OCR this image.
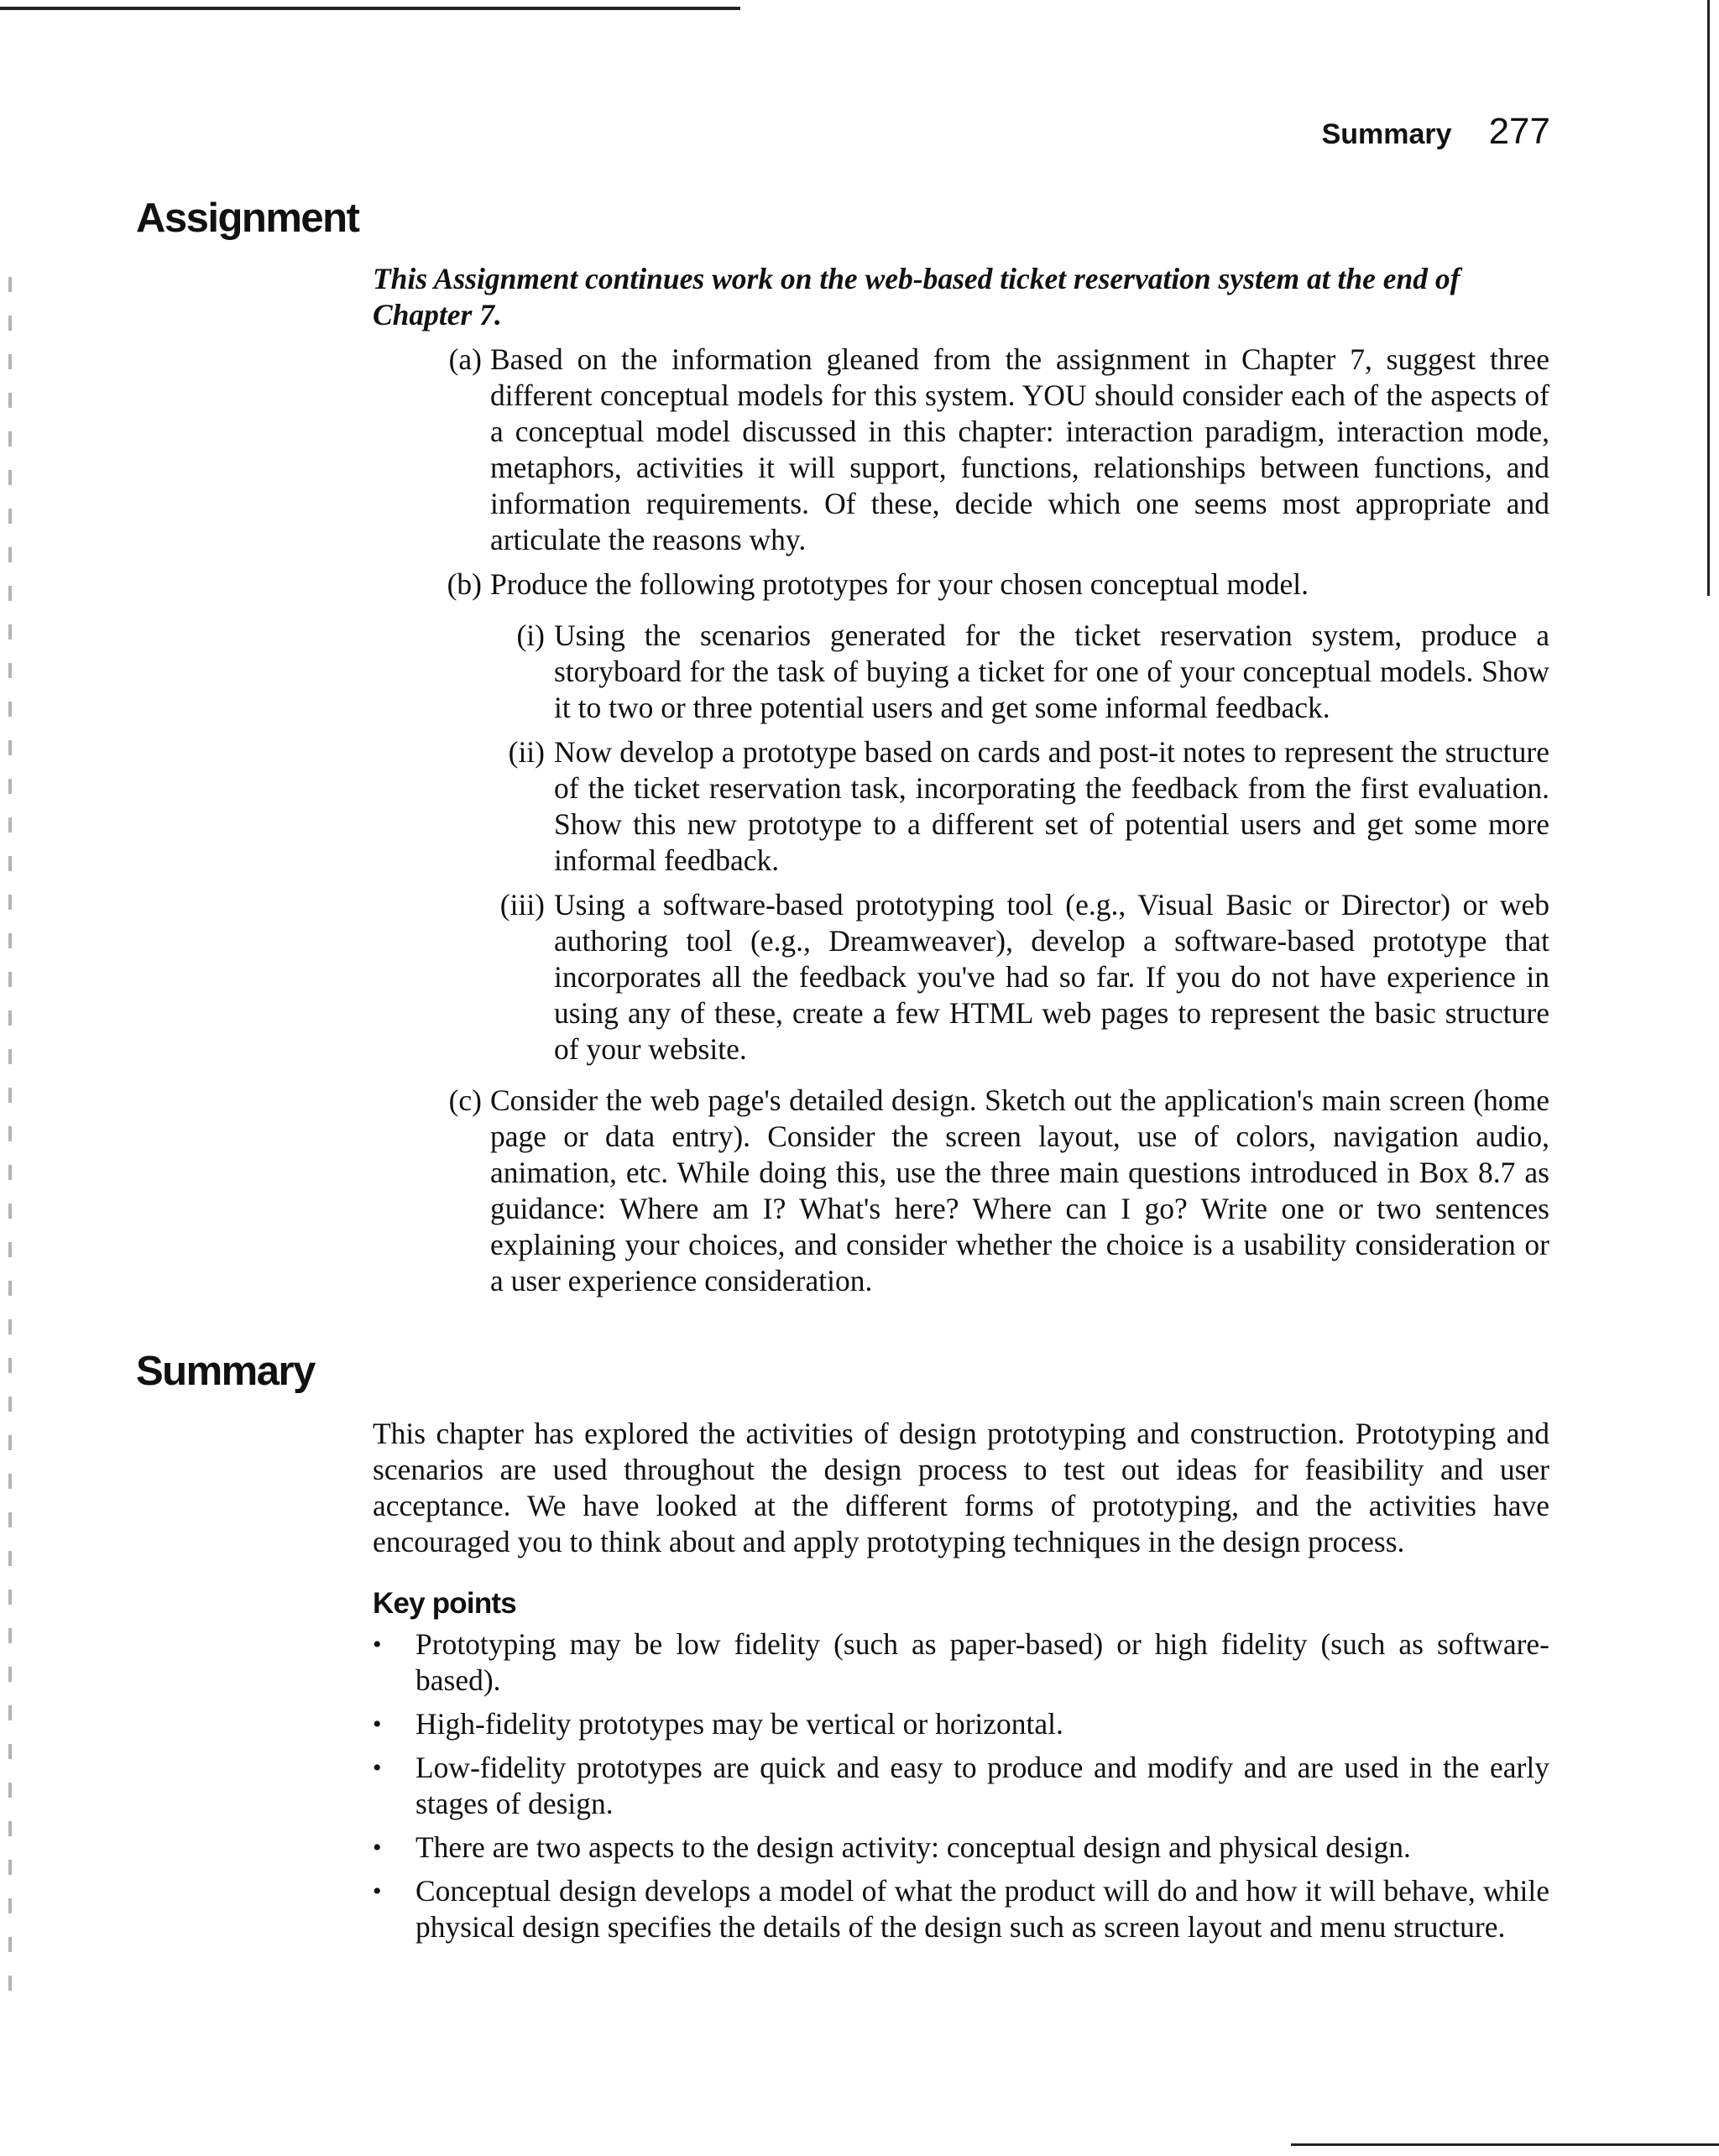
Summary 277
Assignment

This Assignment continues work on the web-based ticket reservation system at the end of Chapter 7.

(a) Based on the information gleaned from the assignment in Chapter 7, suggest three different conceptual models for this system. YOU should consider each of the aspects of a conceptual model discussed in this chapter: interaction paradigm, interaction mode, metaphors, activities it will support, functions, relationships between functions, and information requirements. Of these, decide which one seems most appropriate and articulate the reasons why.
(b) Produce the following prototypes for your chosen conceptual model.
(i) Using the scenarios generated for the ticket reservation system, produce a storyboard for the task of buying a ticket for one of your conceptual models. Show it to two or three potential users and get some informal feedback.
(ii) Now develop a prototype based on cards and post-it notes to represent the structure of the ticket reservation task, incorporating the feedback from the first evaluation. Show this new prototype to a different set of potential users and get some more informal feedback.
(iii) Using a software-based prototyping tool (e.g., Visual Basic or Director) or web authoring tool (e.g., Dreamweaver), develop a software-based prototype that incorporates all the feedback you've had so far. If you do not have experience in using any of these, create a few HTML web pages to represent the basic structure of your website.
(c) Consider the web page's detailed design. Sketch out the application's main screen (home page or data entry). Consider the screen layout, use of colors, navigation audio, animation, etc. While doing this, use the three main questions introduced in Box 8.7 as guidance: Where am I? What's here? Where can I go? Write one or two sentences explaining your choices, and consider whether the choice is a usability consideration or a user experience consideration.
Summary

This chapter has explored the activities of design prototyping and construction. Prototyping and scenarios are used throughout the design process to test out ideas for feasibility and user acceptance. We have looked at the different forms of prototyping, and the activities have encouraged you to think about and apply prototyping techniques in the design process.

Key points
•	Prototyping may be low fidelity (such as paper-based) or high fidelity (such as software-based).
•	High-fidelity prototypes may be vertical or horizontal.
•	Low-fidelity prototypes are quick and easy to produce and modify and are used in the early stages of design.
•	There are two aspects to the design activity: conceptual design and physical design.
•	Conceptual design develops a model of what the product will do and how it will behave, while physical design specifies the details of the design such as screen layout and menu structure.
